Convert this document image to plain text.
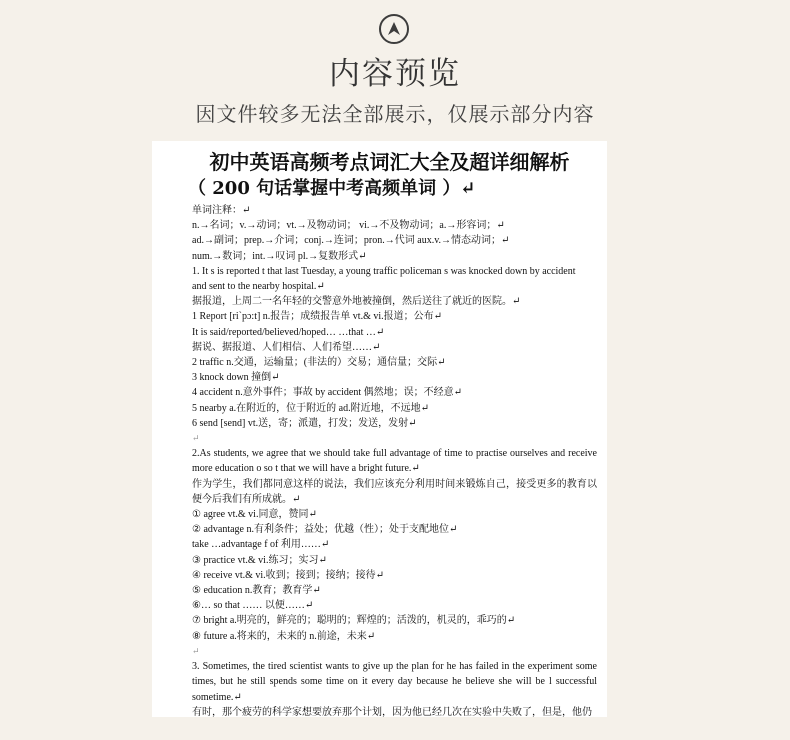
内容预览
因文件较多无法全部展示，仅展示部分内容
初中英语高频考点词汇大全及超详细解析
（ 200 句话掌握中考高频单词 ）↵
单词注释：↵
n.→名词；v.→动词；vt.→及物动词； vi.→不及物动词；a.→形容词；↵
ad.→副词；prep.→介词；conj.→连词；pron.→代词 aux.v.→情态动词；↵
num.→数词；int.→叹词 pl.→复数形式↵
1. It s is reported t that last Tuesday, a young traffic policeman s was knocked down by accident
and sent to the nearby hospital.↵
据报道，上周二一名年轻的交警意外地被撞倒，然后送往了就近的医院。↵
1 Report [ri`pɔ:t] n.报告；成绩报告单 vt.& vi.报道；公布↵
It is said/reported/believed/hoped… …that …↵
据说、据报道、人们相信、人们希望……↵
2 traffic n.交通，运输量；(非法的）交易；通信量；交际↵
3 knock down 撞倒↵
4 accident n.意外事件；事故 by accident 偶然地；误；不经意↵
5 nearby a.在附近的，位于附近的 ad.附近地，不远地↵
6 send [send] vt.送，寄；派遣，打发；发送，发射↵
↵
2.As students, we agree that we should take full advantage of time to practise ourselves and receive more education o so t that we will have a bright future.↵
作为学生，我们都同意这样的说法，我们应该充分利用时间来锻炼自己，接受更多的教育以便今后我们有所成就。↵
① agree vt.& vi.同意，赞同↵
② advantage n.有利条件；益处；优越（性）；处于支配地位↵
take …advantage f of 利用……↵
③ practice vt.& vi.练习；实习↵
④ receive vt.& vi.收到；接到；接纳；接待↵
⑤ education n.教育；教育学↵
⑥… so that …… 以便……↵
⑦ bright a.明亮的，鲜亮的；聪明的；辉煌的；活泼的，机灵的，乖巧的↵
⑧ future a.将来的，未来的 n.前途，未来↵
↵
3. Sometimes, the tired scientist wants to give up the plan for he has failed in the experiment some times, but he still spends some time on it every day because he believe she will be l successful sometime.↵
有时，那个疲劳的科学家想要放弃那个计划，因为他已经几次在实验中失败了，但是，他仍
